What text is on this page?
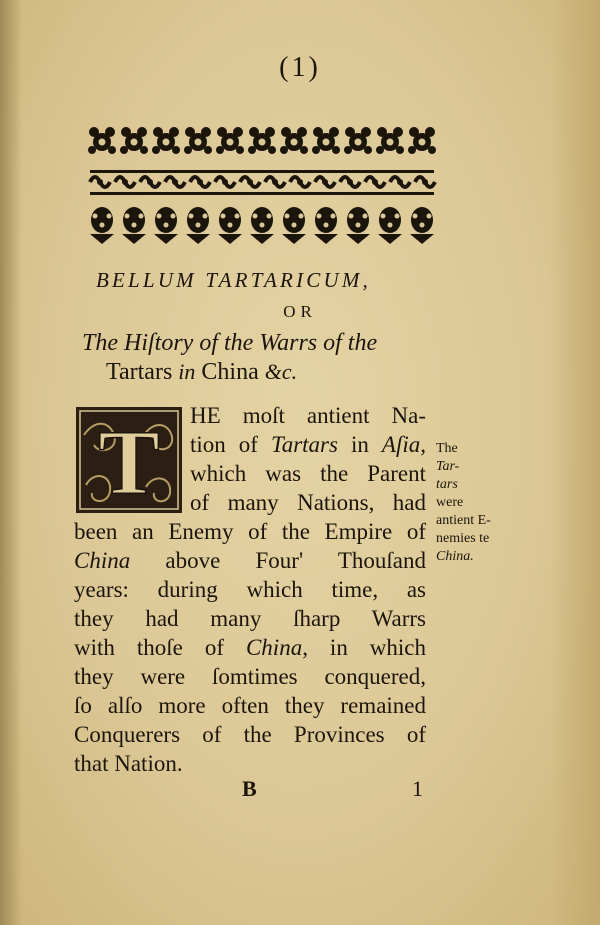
(1)
BELLUM TARTARICUM,
OR
The Hiſtory of the Warrs of the
Tartars in China &c.
T HE moſt antient Na-
tion of Tartars in Aſia,
which was the Parent
of many Nations, had
been an Enemy of the Empire of
China above Four' Thouſand
years: during which time, as
they had many ſharp Warrs
with thoſe of China, in which
they were ſomtimes conquered,
ſo alſo more often they remained
Conquerers of the Provinces of
that Nation.
The
Tar-
tars
were
antient E-
nemies te
China.
B	1
